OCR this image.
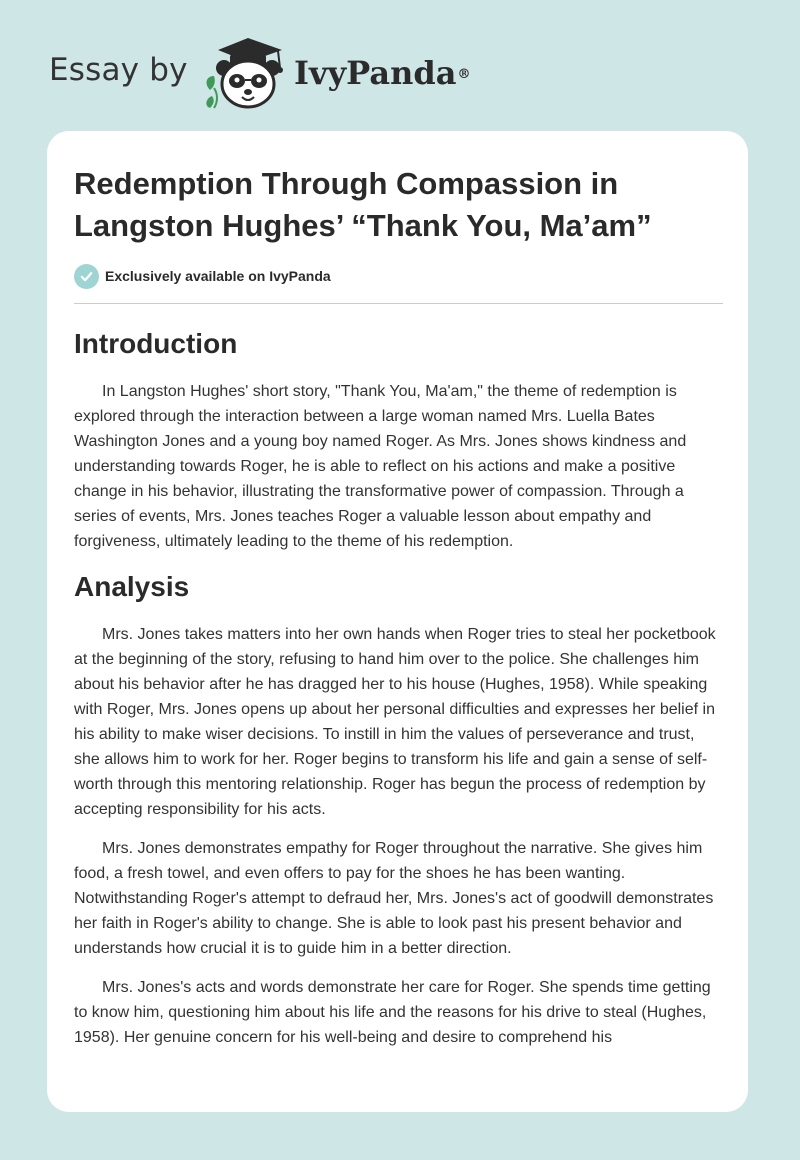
Essay by	IvyPanda®
Redemption Through Compassion in Langston Hughes’ “Thank You, Ma’am”
Exclusively available on IvyPanda
Introduction

In Langston Hughes' short story, "Thank You, Ma'am," the theme of redemption is explored through the interaction between a large woman named Mrs. Luella Bates Washington Jones and a young boy named Roger. As Mrs. Jones shows kindness and understanding towards Roger, he is able to reflect on his actions and make a positive change in his behavior, illustrating the transformative power of compassion. Through a series of events, Mrs. Jones teaches Roger a valuable lesson about empathy and forgiveness, ultimately leading to the theme of his redemption.

Analysis

Mrs. Jones takes matters into her own hands when Roger tries to steal her pocketbook at the beginning of the story, refusing to hand him over to the police. She challenges him about his behavior after he has dragged her to his house (Hughes, 1958). While speaking with Roger, Mrs. Jones opens up about her personal difficulties and expresses her belief in his ability to make wiser decisions. To instill in him the values of perseverance and trust, she allows him to work for her. Roger begins to transform his life and gain a sense of self-worth through this mentoring relationship. Roger has begun the process of redemption by accepting responsibility for his acts.

Mrs. Jones demonstrates empathy for Roger throughout the narrative. She gives him food, a fresh towel, and even offers to pay for the shoes he has been wanting. Notwithstanding Roger's attempt to defraud her, Mrs. Jones's act of goodwill demonstrates her faith in Roger's ability to change. She is able to look past his present behavior and understands how crucial it is to guide him in a better direction.

Mrs. Jones's acts and words demonstrate her care for Roger. She spends time getting to know him, questioning him about his life and the reasons for his drive to steal (Hughes, 1958). Her genuine concern for his well-being and desire to comprehend his
